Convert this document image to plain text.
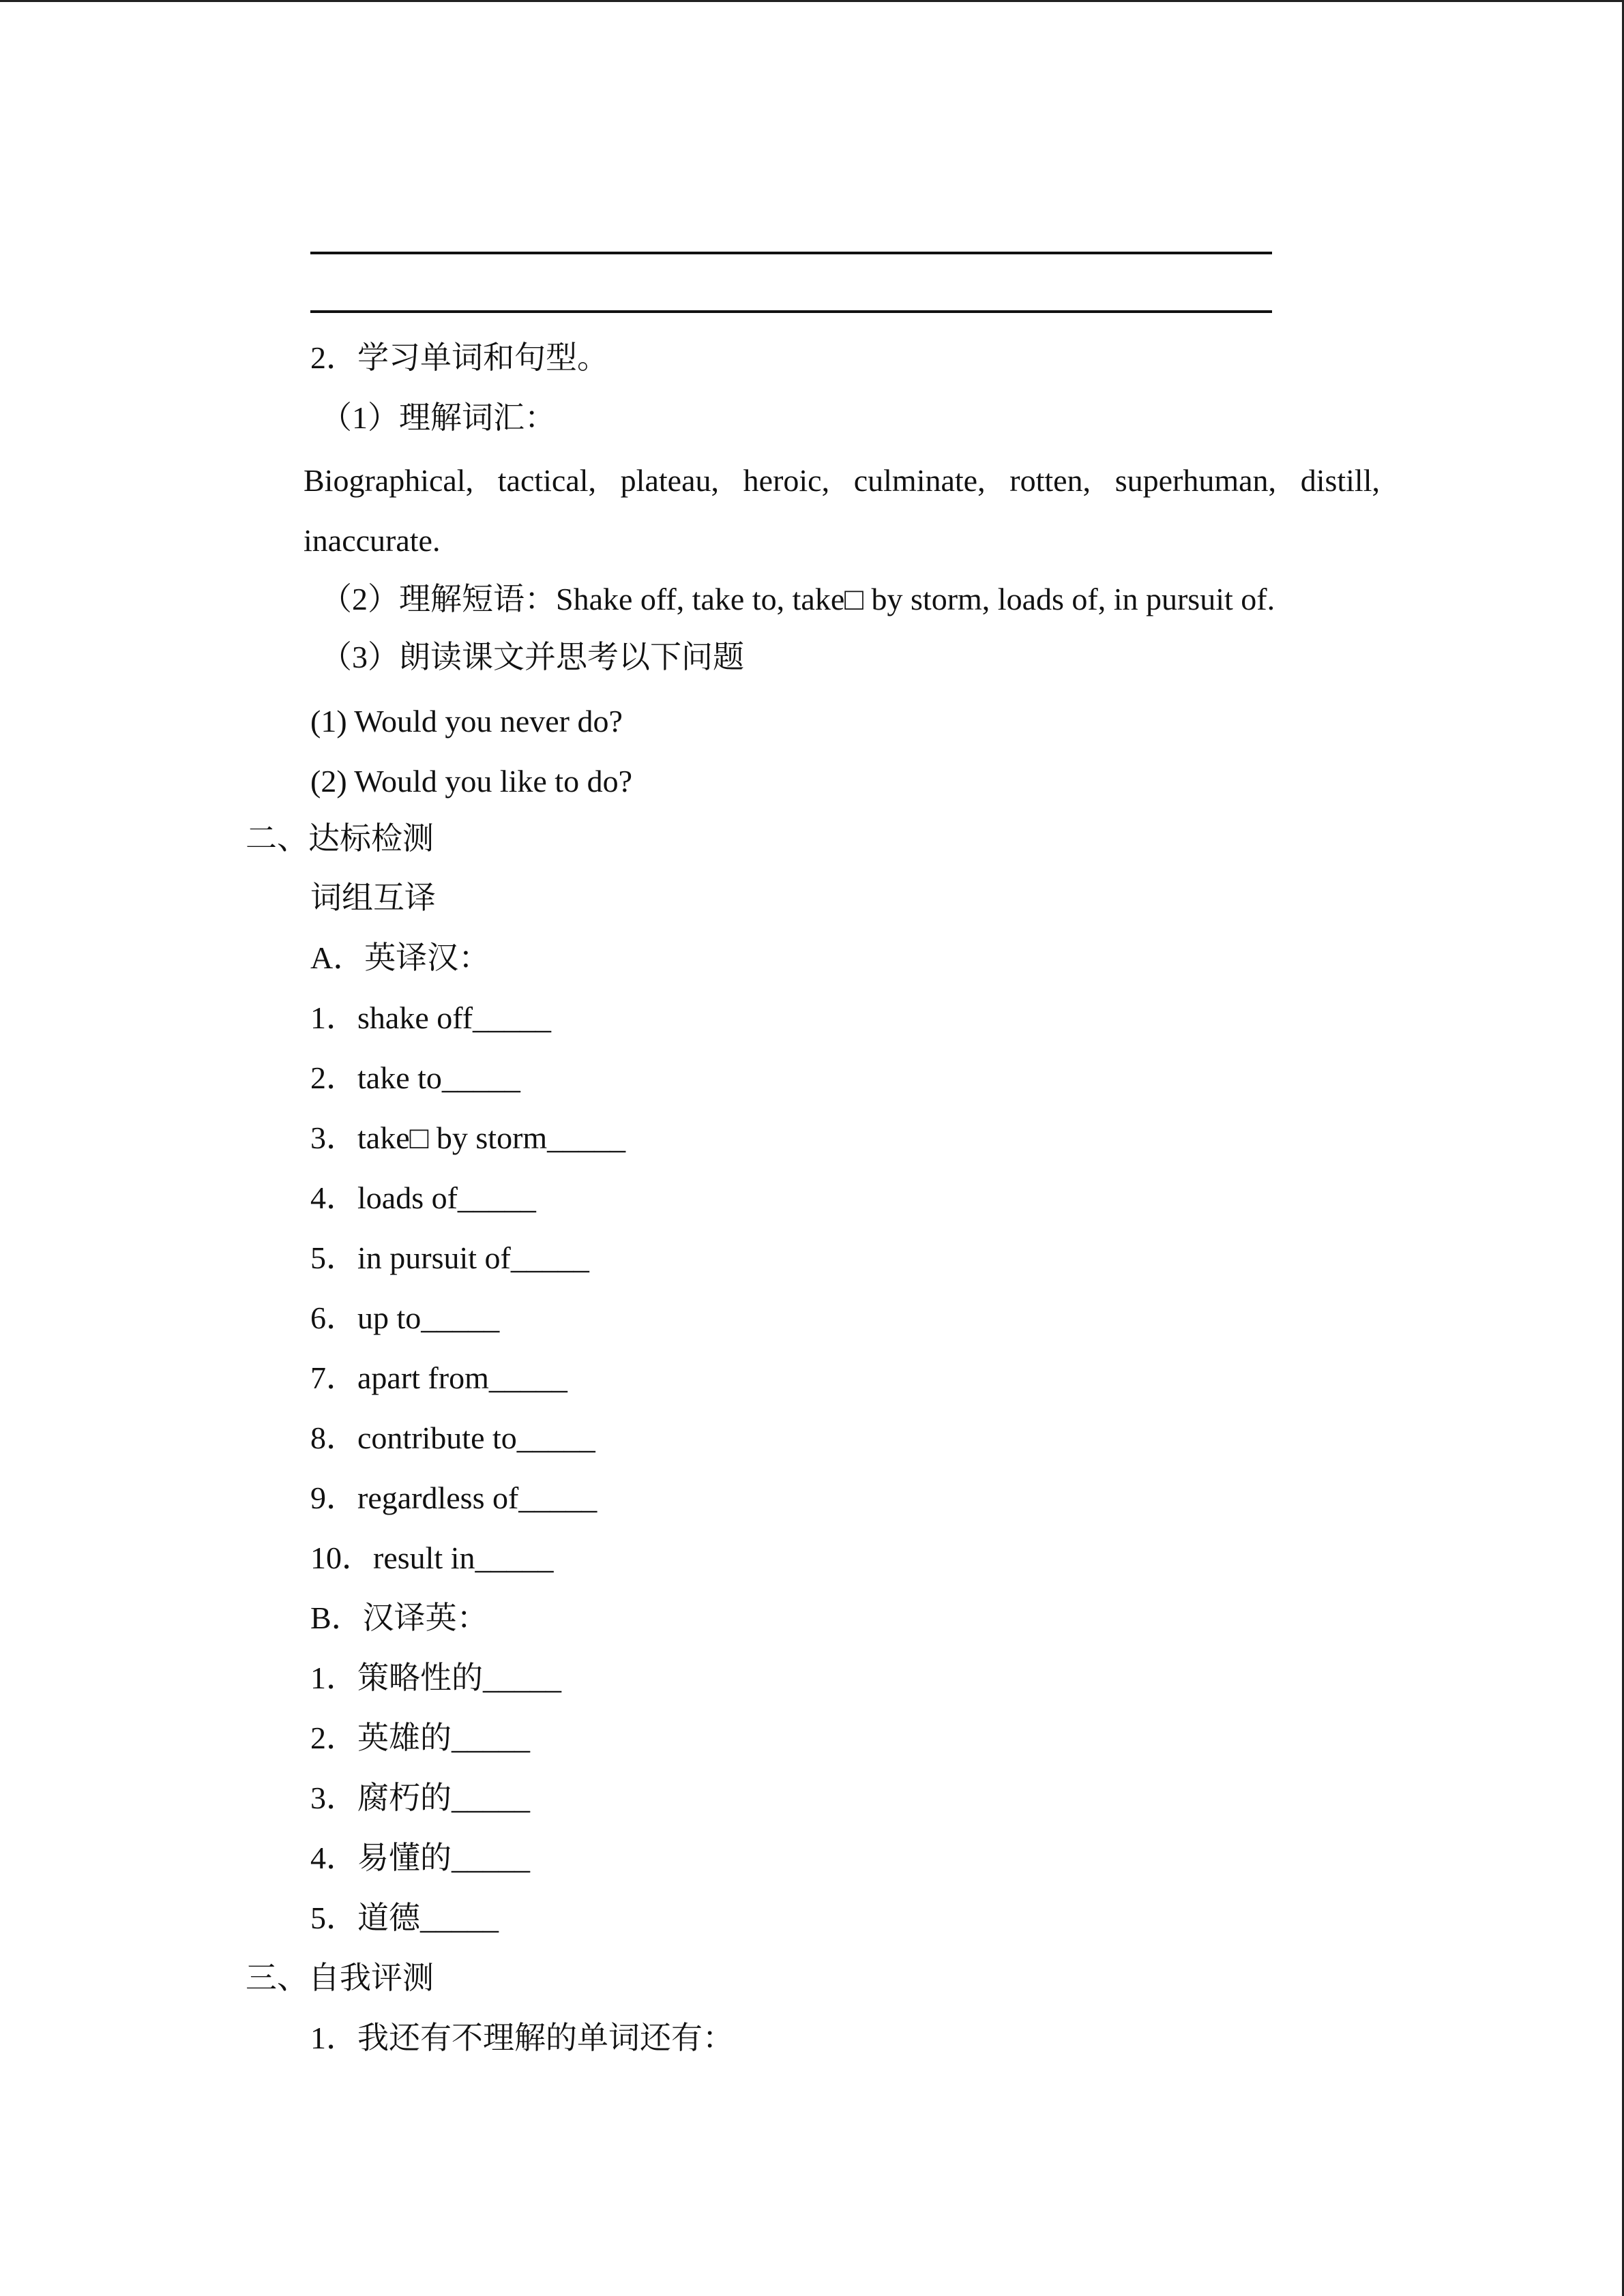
2．学习单词和句型。
（1）理解词汇：
Biographical, tactical, plateau, heroic, culminate, rotten, superhuman, distill, inaccurate.
（2）理解短语：Shake off, take to, take□ by storm, loads of, in pursuit of.
（3）朗读课文并思考以下问题
(1) Would you never do?
(2) Would you like to do?
二、达标检测
词组互译
A．英译汉：
1．shake off_____
2．take to_____
3．take□ by storm_____
4．loads of_____
5．in pursuit of_____
6．up to_____
7．apart from_____
8．contribute to_____
9．regardless of_____
10．result in_____
B．汉译英：
1．策略性的_____
2．英雄的_____
3．腐朽的_____
4．易懂的_____
5．道德_____
三、自我评测
1．我还有不理解的单词还有：
